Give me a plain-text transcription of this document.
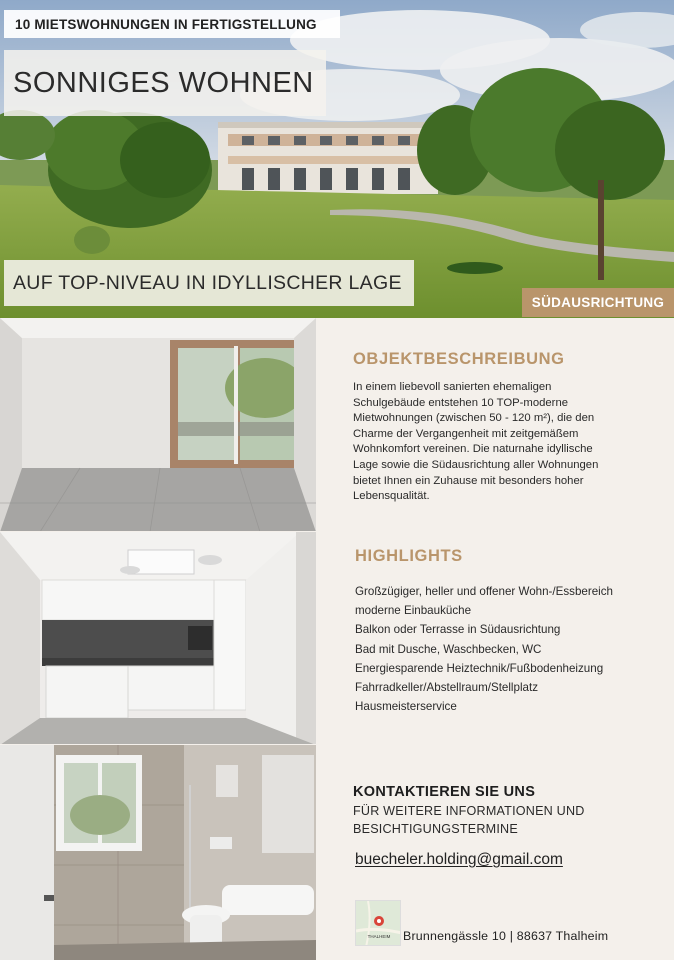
10 MIETSWOHNUNGEN IN FERTIGSTELLUNG
SONNIGES WOHNEN
AUF TOP-NIVEAU IN IDYLLISCHER LAGE
SÜDAUSRICHTUNG
OBJEKTBESCHREIBUNG
In einem liebevoll sanierten ehemaligen
Schulgebäude entstehen 10 TOP-moderne
Mietwohnungen (zwischen 50 - 120 m²), die den
Charme der Vergangenheit mit zeitgemäßem
Wohnkomfort vereinen. Die naturnahe idyllische
Lage sowie die Südausrichtung aller Wohnungen
bietet Ihnen ein Zuhause mit besonders hoher
Lebensqualität.
HIGHLIGHTS
Großzügiger, heller und offener Wohn-/Essbereich
moderne Einbauküche
Balkon oder Terrasse in Südausrichtung
Bad mit Dusche, Waschbecken, WC
Energiesparende Heiztechnik/Fußbodenheizung
Fahrradkeller/Abstellraum/Stellplatz
Hausmeisterservice
KONTAKTIEREN SIE UNS
FÜR WEITERE INFORMATIONEN UND
BESICHTIGUNGSTERMINE
buecheler.holding@gmail.com
THALHEIM Brunnengässle 10 | 88637 Thalheim
